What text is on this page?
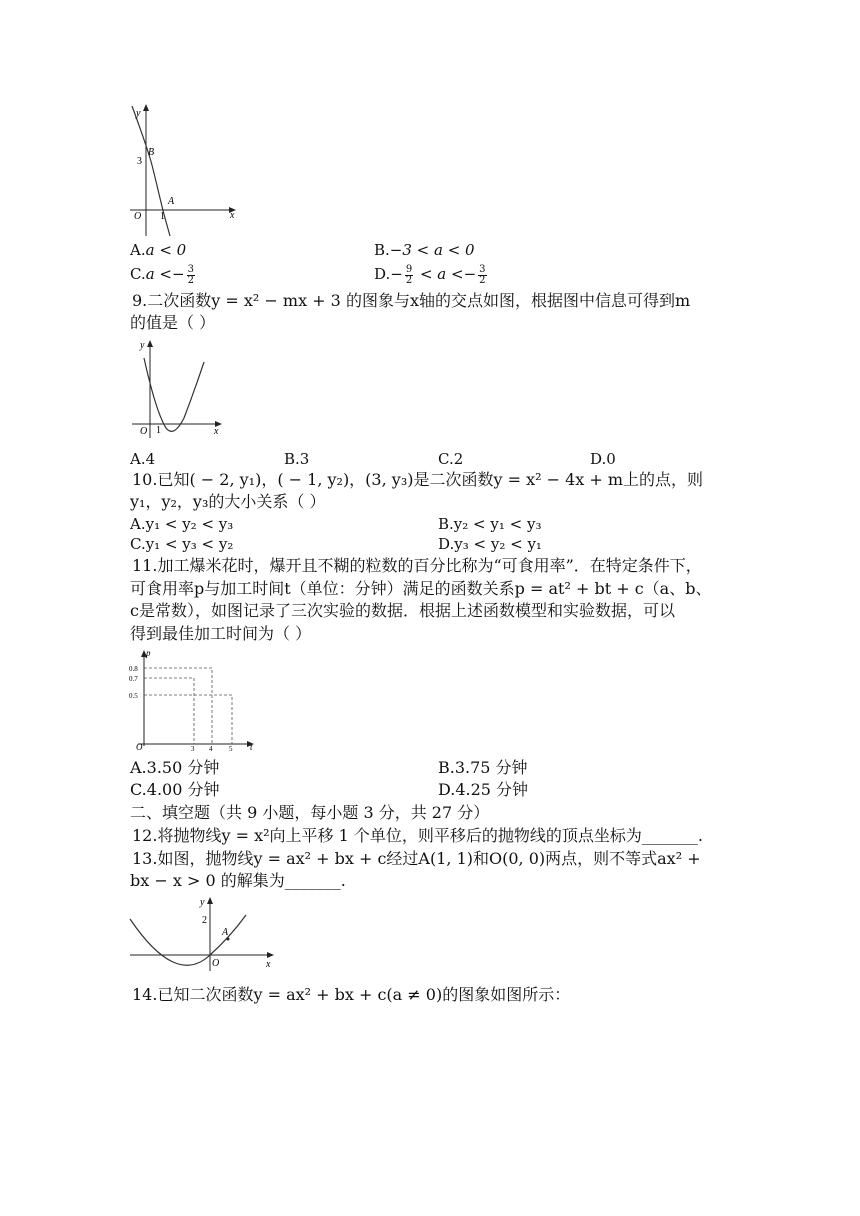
y
x
O
3
1
B
A
A.a < 0	B.−3 < a < 0
$C.a <- \frac{3}{2}$	$D.- \frac{9}{2} < a <- \frac{3}{2}$
9.二次函数y = x² − mx + 3 的图象与x轴的交点如图，根据图中信息可得到m
的值是（ ）
y
x
O 1
A.4	B.3	C.2	D.0
10.已知( − 2, y₁)，( − 1, y₂)，(3, y₃)是二次函数y = x² − 4x + m上的点，则
y₁，y₂，y₃的大小关系（ ）
A.y₁ < y₂ < y₃	B.y₂ < y₁ < y₃
C.y₁ < y₃ < y₂	D.y₃ < y₂ < y₁
11.加工爆米花时，爆开且不糊的粒数的百分比称为“可食用率”．在特定条件下，
可食用率p与加工时间t（单位：分钟）满足的函数关系p = at² + bt + c（a、b、
c是常数），如图记录了三次实验的数据．根据上述函数模型和实验数据，可以
得到最佳加工时间为（ ）
p
t
O
0.8
0.7
0.5
3 4 5
A.3.50 分钟	B.3.75 分钟
C.4.00 分钟	D.4.25 分钟
二、填空题（共 9 小题，每小题 3 分，共 27 分）
12.将抛物线y = x²向上平移 1 个单位，则平移后的抛物线的顶点坐标为_______.
13.如图，抛物线y = ax² + bx + c经过A(1, 1)和O(0, 0)两点，则不等式ax² +
bx − x > 0 的解集为_______.
y
x
O
2
A
14.已知二次函数y = ax² + bx + c(a ≠ 0)的图象如图所示：
